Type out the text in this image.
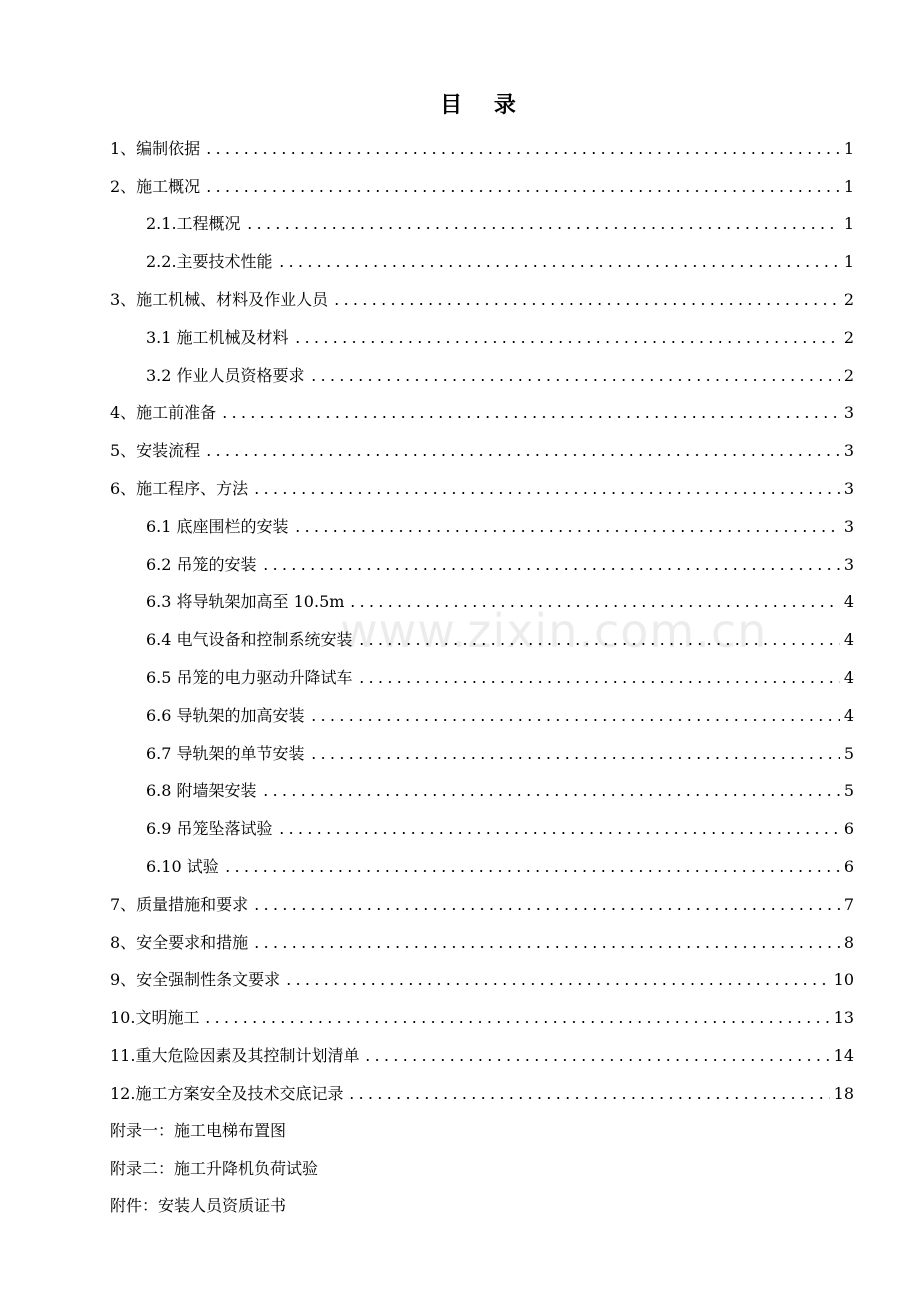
目 录
1、编制依据	1
2、施工概况	1
2.1.工程概况	1
2.2.主要技术性能	1
3、施工机械、材料及作业人员	2
3.1 施工机械及材料	2
3.2 作业人员资格要求	2
4、施工前准备	3
5、安装流程	3
6、施工程序、方法	3
6.1 底座围栏的安装	3
6.2 吊笼的安装	3
6.3 将导轨架加高至 10.5m	4
6.4 电气设备和控制系统安装	4
6.5 吊笼的电力驱动升降试车	4
6.6 导轨架的加高安装	4
6.7 导轨架的单节安装	5
6.8 附墙架安装	5
6.9 吊笼坠落试验	6
6.10 试验	6
7、质量措施和要求	7
8、安全要求和措施	8
9、安全强制性条文要求	10
10.文明施工	13
11.重大危险因素及其控制计划清单	14
12.施工方案安全及技术交底记录	18
附录一：施工电梯布置图
附录二：施工升降机负荷试验
附件：安装人员资质证书
www.zixin.com.cn
